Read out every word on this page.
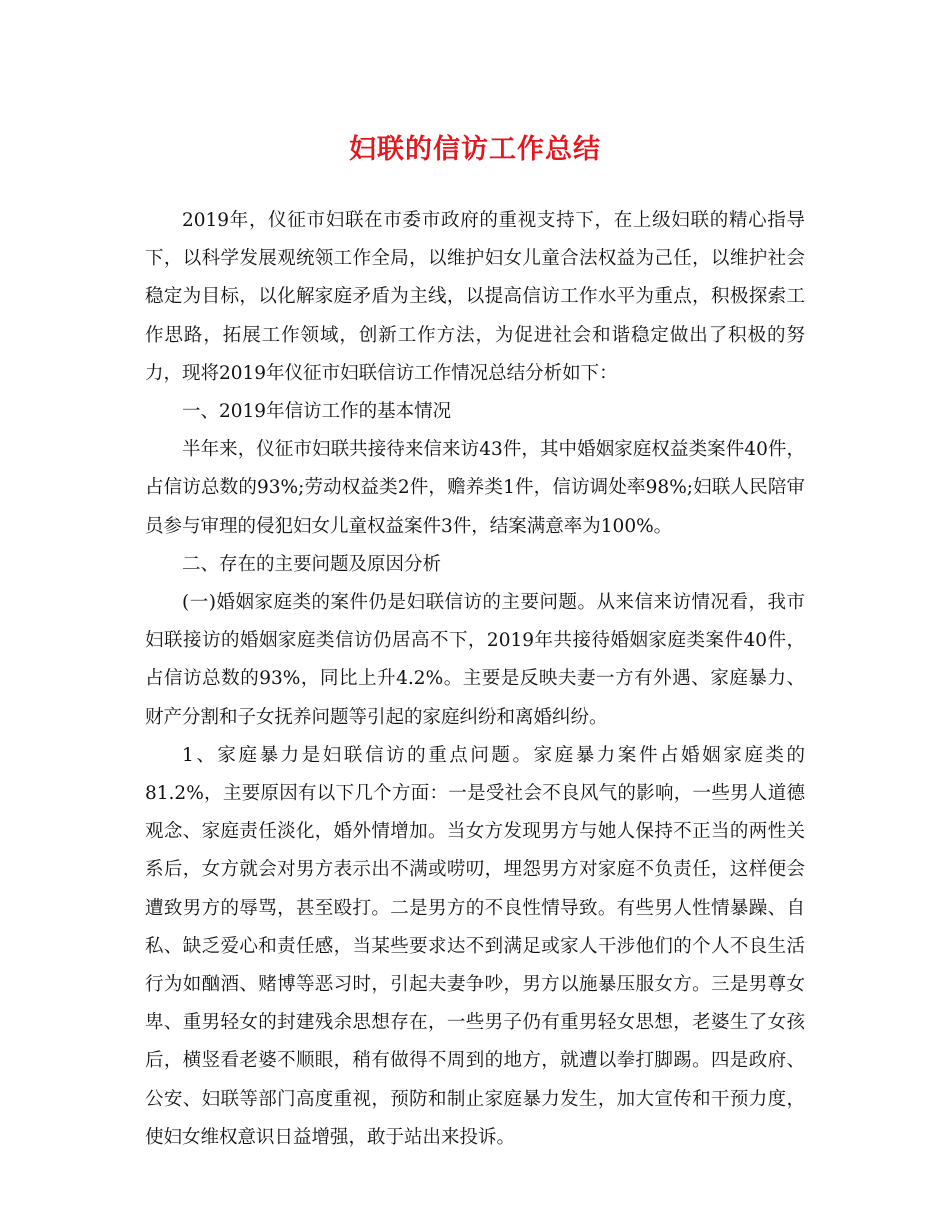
妇联的信访工作总结

2019年，仪征市妇联在市委市政府的重视支持下，在上级妇联的精心指导下，以科学发展观统领工作全局，以维护妇女儿童合法权益为己任，以维护社会稳定为目标，以化解家庭矛盾为主线，以提高信访工作水平为重点，积极探索工作思路，拓展工作领域，创新工作方法，为促进社会和谐稳定做出了积极的努力，现将2019年仪征市妇联信访工作情况总结分析如下：

一、2019年信访工作的基本情况

半年来，仪征市妇联共接待来信来访43件，其中婚姻家庭权益类案件40件，占信访总数的93%;劳动权益类2件，赡养类1件，信访调处率98%;妇联人民陪审员参与审理的侵犯妇女儿童权益案件3件，结案满意率为100%。

二、存在的主要问题及原因分析

(一)婚姻家庭类的案件仍是妇联信访的主要问题。从来信来访情况看，我市妇联接访的婚姻家庭类信访仍居高不下，2019年共接待婚姻家庭类案件40件，占信访总数的93%，同比上升4.2%。主要是反映夫妻一方有外遇、家庭暴力、财产分割和子女抚养问题等引起的家庭纠纷和离婚纠纷。

1、家庭暴力是妇联信访的重点问题。家庭暴力案件占婚姻家庭类的81.2%，主要原因有以下几个方面：一是受社会不良风气的影响，一些男人道德观念、家庭责任淡化，婚外情增加。当女方发现男方与她人保持不正当的两性关系后，女方就会对男方表示出不满或唠叨，埋怨男方对家庭不负责任，这样便会遭致男方的辱骂，甚至殴打。二是男方的不良性情导致。有些男人性情暴躁、自私、缺乏爱心和责任感，当某些要求达不到满足或家人干涉他们的个人不良生活行为如酗酒、赌博等恶习时，引起夫妻争吵，男方以施暴压服女方。三是男尊女卑、重男轻女的封建残余思想存在，一些男子仍有重男轻女思想，老婆生了女孩后，横竖看老婆不顺眼，稍有做得不周到的地方，就遭以拳打脚踢。四是政府、公安、妇联等部门高度重视，预防和制止家庭暴力发生，加大宣传和干预力度，使妇女维权意识日益增强，敢于站出来投诉。
